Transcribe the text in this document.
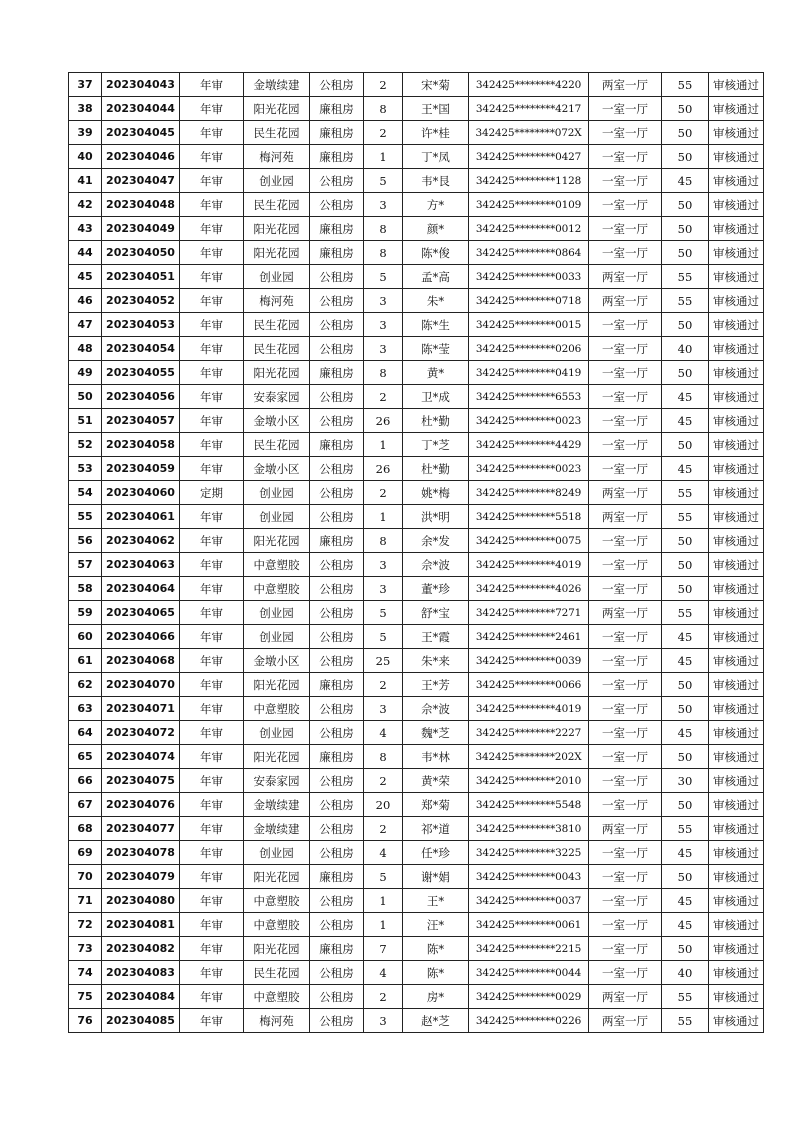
37	202304043	年审	金墩续建	公租房	2	宋*菊	342425********4220	两室一厅	55	审核通过
38	202304044	年审	阳光花园	廉租房	8	王*国	342425********4217	一室一厅	50	审核通过
39	202304045	年审	民生花园	廉租房	2	许*桂	342425********072X	一室一厅	50	审核通过
40	202304046	年审	梅河苑	廉租房	1	丁*凤	342425********0427	一室一厅	50	审核通过
41	202304047	年审	创业园	公租房	5	韦*艮	342425********1128	一室一厅	45	审核通过
42	202304048	年审	民生花园	公租房	3	方*	342425********0109	一室一厅	50	审核通过
43	202304049	年审	阳光花园	廉租房	8	颜*	342425********0012	一室一厅	50	审核通过
44	202304050	年审	阳光花园	廉租房	8	陈*俊	342425********0864	一室一厅	50	审核通过
45	202304051	年审	创业园	公租房	5	孟*高	342425********0033	两室一厅	55	审核通过
46	202304052	年审	梅河苑	公租房	3	朱*	342425********0718	两室一厅	55	审核通过
47	202304053	年审	民生花园	公租房	3	陈*生	342425********0015	一室一厅	50	审核通过
48	202304054	年审	民生花园	公租房	3	陈*莹	342425********0206	一室一厅	40	审核通过
49	202304055	年审	阳光花园	廉租房	8	黄*	342425********0419	一室一厅	50	审核通过
50	202304056	年审	安泰家园	公租房	2	卫*成	342425********6553	一室一厅	45	审核通过
51	202304057	年审	金墩小区	公租房	26	杜*勤	342425********0023	一室一厅	45	审核通过
52	202304058	年审	民生花园	廉租房	1	丁*芝	342425********4429	一室一厅	50	审核通过
53	202304059	年审	金墩小区	公租房	26	杜*勤	342425********0023	一室一厅	45	审核通过
54	202304060	定期	创业园	公租房	2	姚*梅	342425********8249	两室一厅	55	审核通过
55	202304061	年审	创业园	公租房	1	洪*明	342425********5518	两室一厅	55	审核通过
56	202304062	年审	阳光花园	廉租房	8	余*发	342425********0075	一室一厅	50	审核通过
57	202304063	年审	中意塑胶	公租房	3	佘*波	342425********4019	一室一厅	50	审核通过
58	202304064	年审	中意塑胶	公租房	3	董*珍	342425********4026	一室一厅	50	审核通过
59	202304065	年审	创业园	公租房	5	舒*宝	342425********7271	两室一厅	55	审核通过
60	202304066	年审	创业园	公租房	5	王*霞	342425********2461	一室一厅	45	审核通过
61	202304068	年审	金墩小区	公租房	25	朱*来	342425********0039	一室一厅	45	审核通过
62	202304070	年审	阳光花园	廉租房	2	王*芳	342425********0066	一室一厅	50	审核通过
63	202304071	年审	中意塑胶	公租房	3	佘*波	342425********4019	一室一厅	50	审核通过
64	202304072	年审	创业园	公租房	4	魏*芝	342425********2227	一室一厅	45	审核通过
65	202304074	年审	阳光花园	廉租房	8	韦*林	342425********202X	一室一厅	50	审核通过
66	202304075	年审	安泰家园	公租房	2	黄*荣	342425********2010	一室一厅	30	审核通过
67	202304076	年审	金墩续建	公租房	20	郑*菊	342425********5548	一室一厅	50	审核通过
68	202304077	年审	金墩续建	公租房	2	祁*道	342425********3810	两室一厅	55	审核通过
69	202304078	年审	创业园	公租房	4	任*珍	342425********3225	一室一厅	45	审核通过
70	202304079	年审	阳光花园	廉租房	5	谢*娟	342425********0043	一室一厅	50	审核通过
71	202304080	年审	中意塑胶	公租房	1	王*	342425********0037	一室一厅	45	审核通过
72	202304081	年审	中意塑胶	公租房	1	汪*	342425********0061	一室一厅	45	审核通过
73	202304082	年审	阳光花园	廉租房	7	陈*	342425********2215	一室一厅	50	审核通过
74	202304083	年审	民生花园	公租房	4	陈*	342425********0044	一室一厅	40	审核通过
75	202304084	年审	中意塑胶	公租房	2	房*	342425********0029	两室一厅	55	审核通过
76	202304085	年审	梅河苑	公租房	3	赵*芝	342425********0226	两室一厅	55	审核通过
